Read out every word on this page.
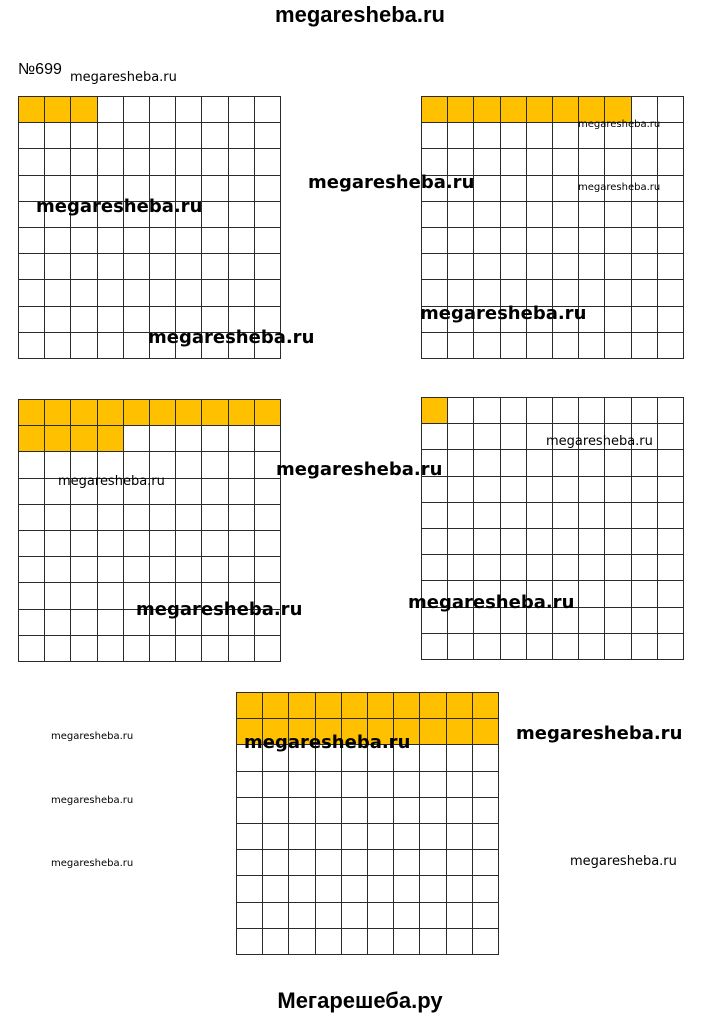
megaresheba.ru
№699 megaresheba.ru
megaresheba.ru
megaresheba.ru	megaresheba.ru
megaresheba.ru
megaresheba.ru
megaresheba.ru
megaresheba.ru
megaresheba.ru
megaresheba.ru
megaresheba.ru
megaresheba.ru
megaresheba.ru	megaresheba.ru
megaresheba.ru
megaresheba.ru
megaresheba.ru
megaresheba.ru
Мегарешеба.ру
